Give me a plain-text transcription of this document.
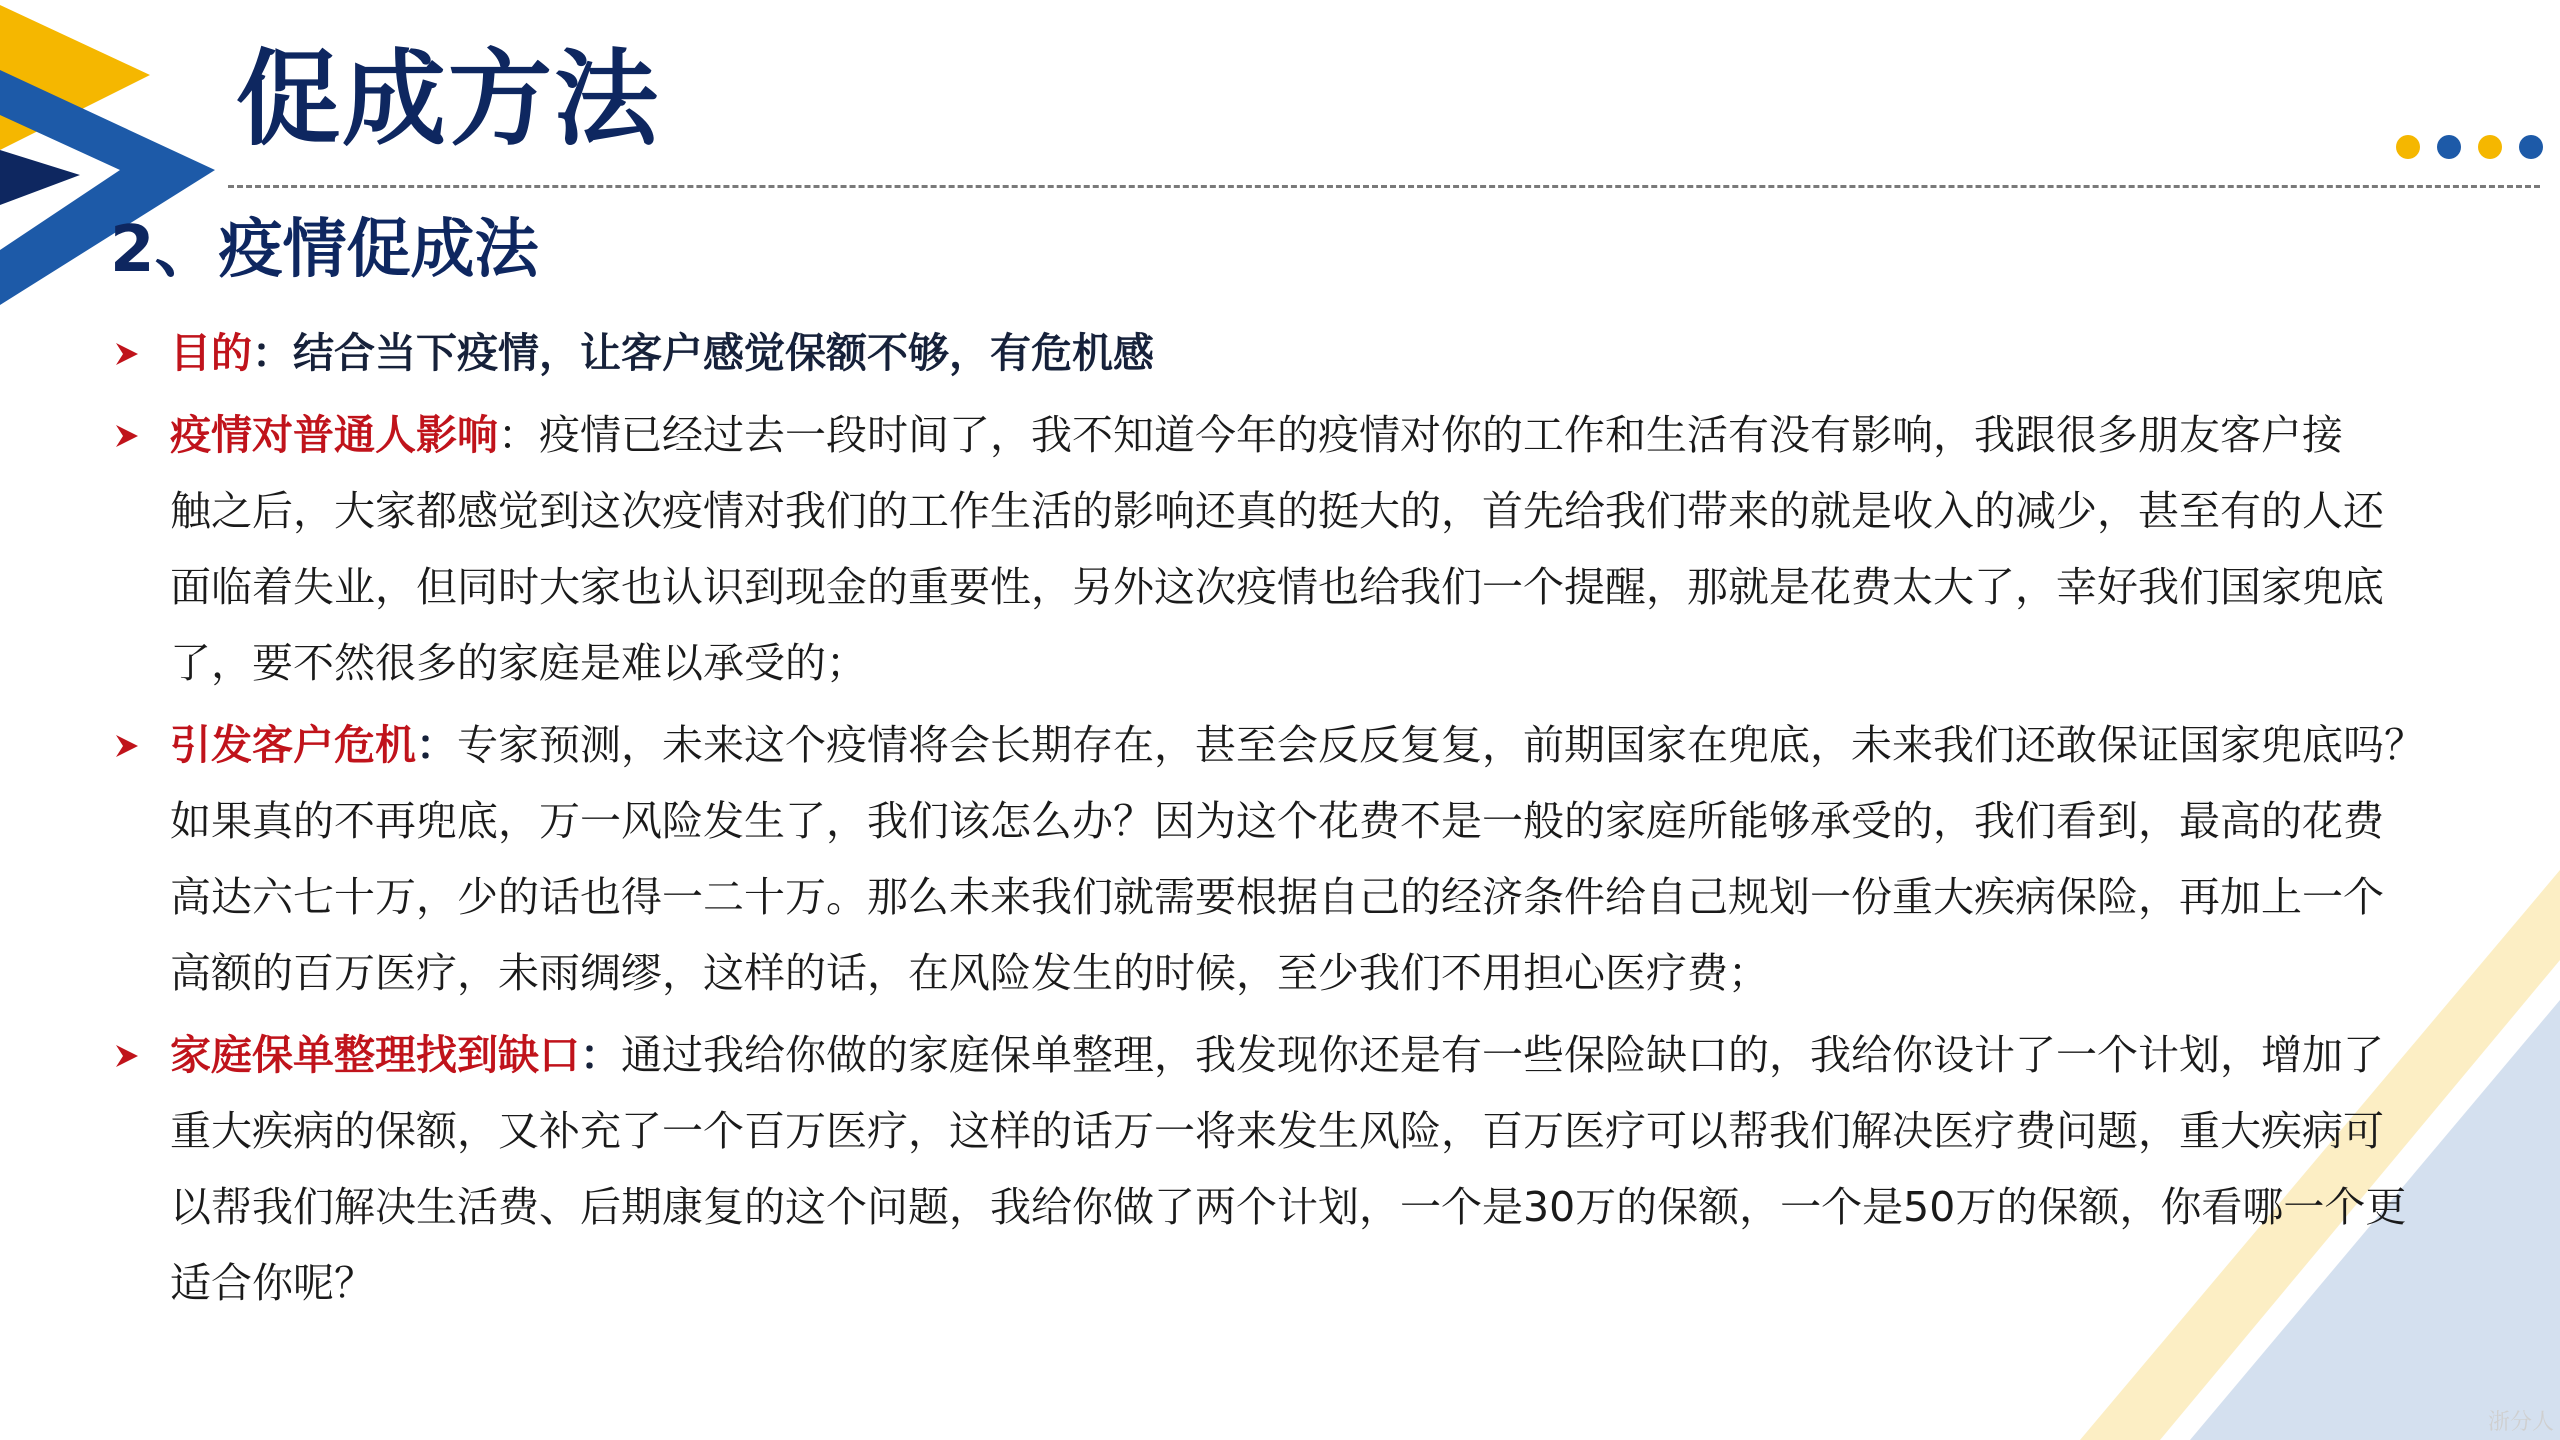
促成方法
2、疫情促成法
目的：结合当下疫情，让客户感觉保额不够，有危机感
疫情对普通人影响：疫情已经过去一段时间了，我不知道今年的疫情对你的工作和生活有没有影响，我跟很多朋友客户接
触之后，大家都感觉到这次疫情对我们的工作生活的影响还真的挺大的，首先给我们带来的就是收入的减少，甚至有的人还
面临着失业，但同时大家也认识到现金的重要性，另外这次疫情也给我们一个提醒，那就是花费太大了，幸好我们国家兜底
了，要不然很多的家庭是难以承受的；
引发客户危机：专家预测，未来这个疫情将会长期存在，甚至会反反复复，前期国家在兜底，未来我们还敢保证国家兜底吗？
如果真的不再兜底，万一风险发生了，我们该怎么办？因为这个花费不是一般的家庭所能够承受的，我们看到，最高的花费
高达六七十万，少的话也得一二十万。那么未来我们就需要根据自己的经济条件给自己规划一份重大疾病保险，再加上一个
高额的百万医疗，未雨绸缪，这样的话，在风险发生的时候，至少我们不用担心医疗费；
家庭保单整理找到缺口：通过我给你做的家庭保单整理，我发现你还是有一些保险缺口的，我给你设计了一个计划，增加了
重大疾病的保额，又补充了一个百万医疗，这样的话万一将来发生风险，百万医疗可以帮我们解决医疗费问题，重大疾病可
以帮我们解决生活费、后期康复的这个问题，我给你做了两个计划，一个是30万的保额，一个是50万的保额，你看哪一个更
适合你呢？
浙分人
